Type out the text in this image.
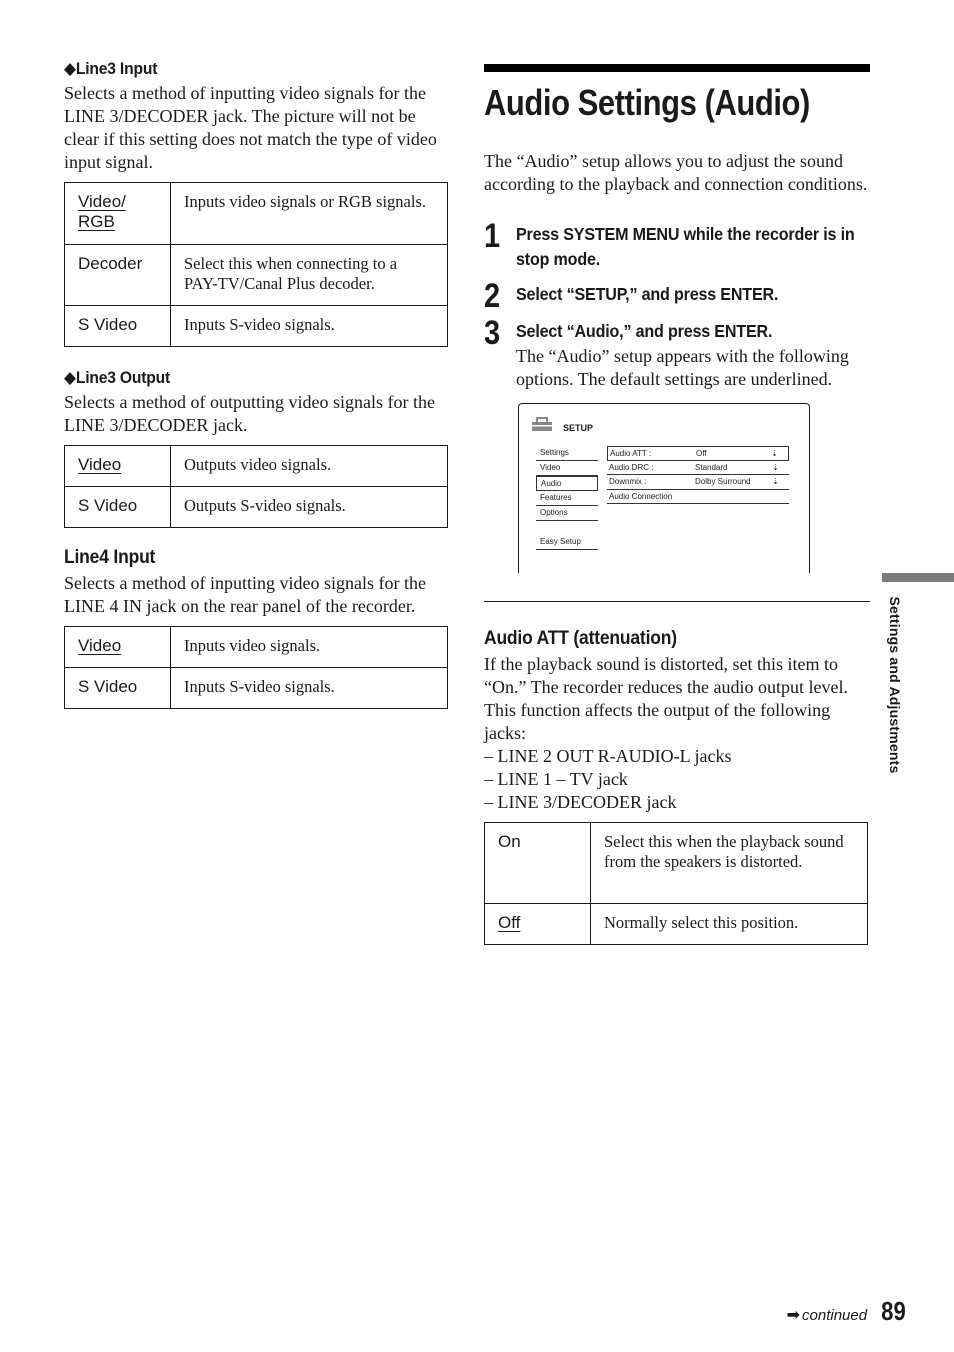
◆Line3 Input

Selects a method of inputting video signals for the LINE 3/DECODER jack. The picture will not be clear if this setting does not match the type of video input signal.

Video/ RGB	Inputs video signals or RGB signals.
Decoder	Select this when connecting to a PAY-TV/Canal Plus decoder.
S Video	Inputs S-video signals.
◆Line3 Output

Selects a method of outputting video signals for the LINE 3/DECODER jack.

Video	Outputs video signals.
S Video	Outputs S-video signals.
Line4 Input

Selects a method of inputting video signals for the LINE 4 IN jack on the rear panel of the recorder.

Video	Inputs video signals.
S Video	Inputs S-video signals.
Audio Settings (Audio)

The “Audio” setup allows you to adjust the sound according to the playback and connection conditions.

1 Press SYSTEM MENU while the recorder is in stop mode.
2 Select “SETUP,” and press ENTER.
3 Select “Audio,” and press ENTER.

The “Audio” setup appears with the following options. The default settings are underlined.

SETUP
Settings
Video
Audio
Features
Options
Easy Setup
Audio ATT :	Off	⇣
Audio DRC :	Standard	⇣
Downmix :	Dolby Surround	⇣
Audio Connection
Audio ATT (attenuation)

If the playback sound is distorted, set this item to “On.” The recorder reduces the audio output level. This function affects the output of the following jacks:

– LINE 2 OUT R-AUDIO-L jacks

– LINE 1 – TV jack

– LINE 3/DECODER jack

On	Select this when the playback sound from the speakers is distorted.
Off	Normally select this position.
Settings and Adjustments
➡ continued 89
